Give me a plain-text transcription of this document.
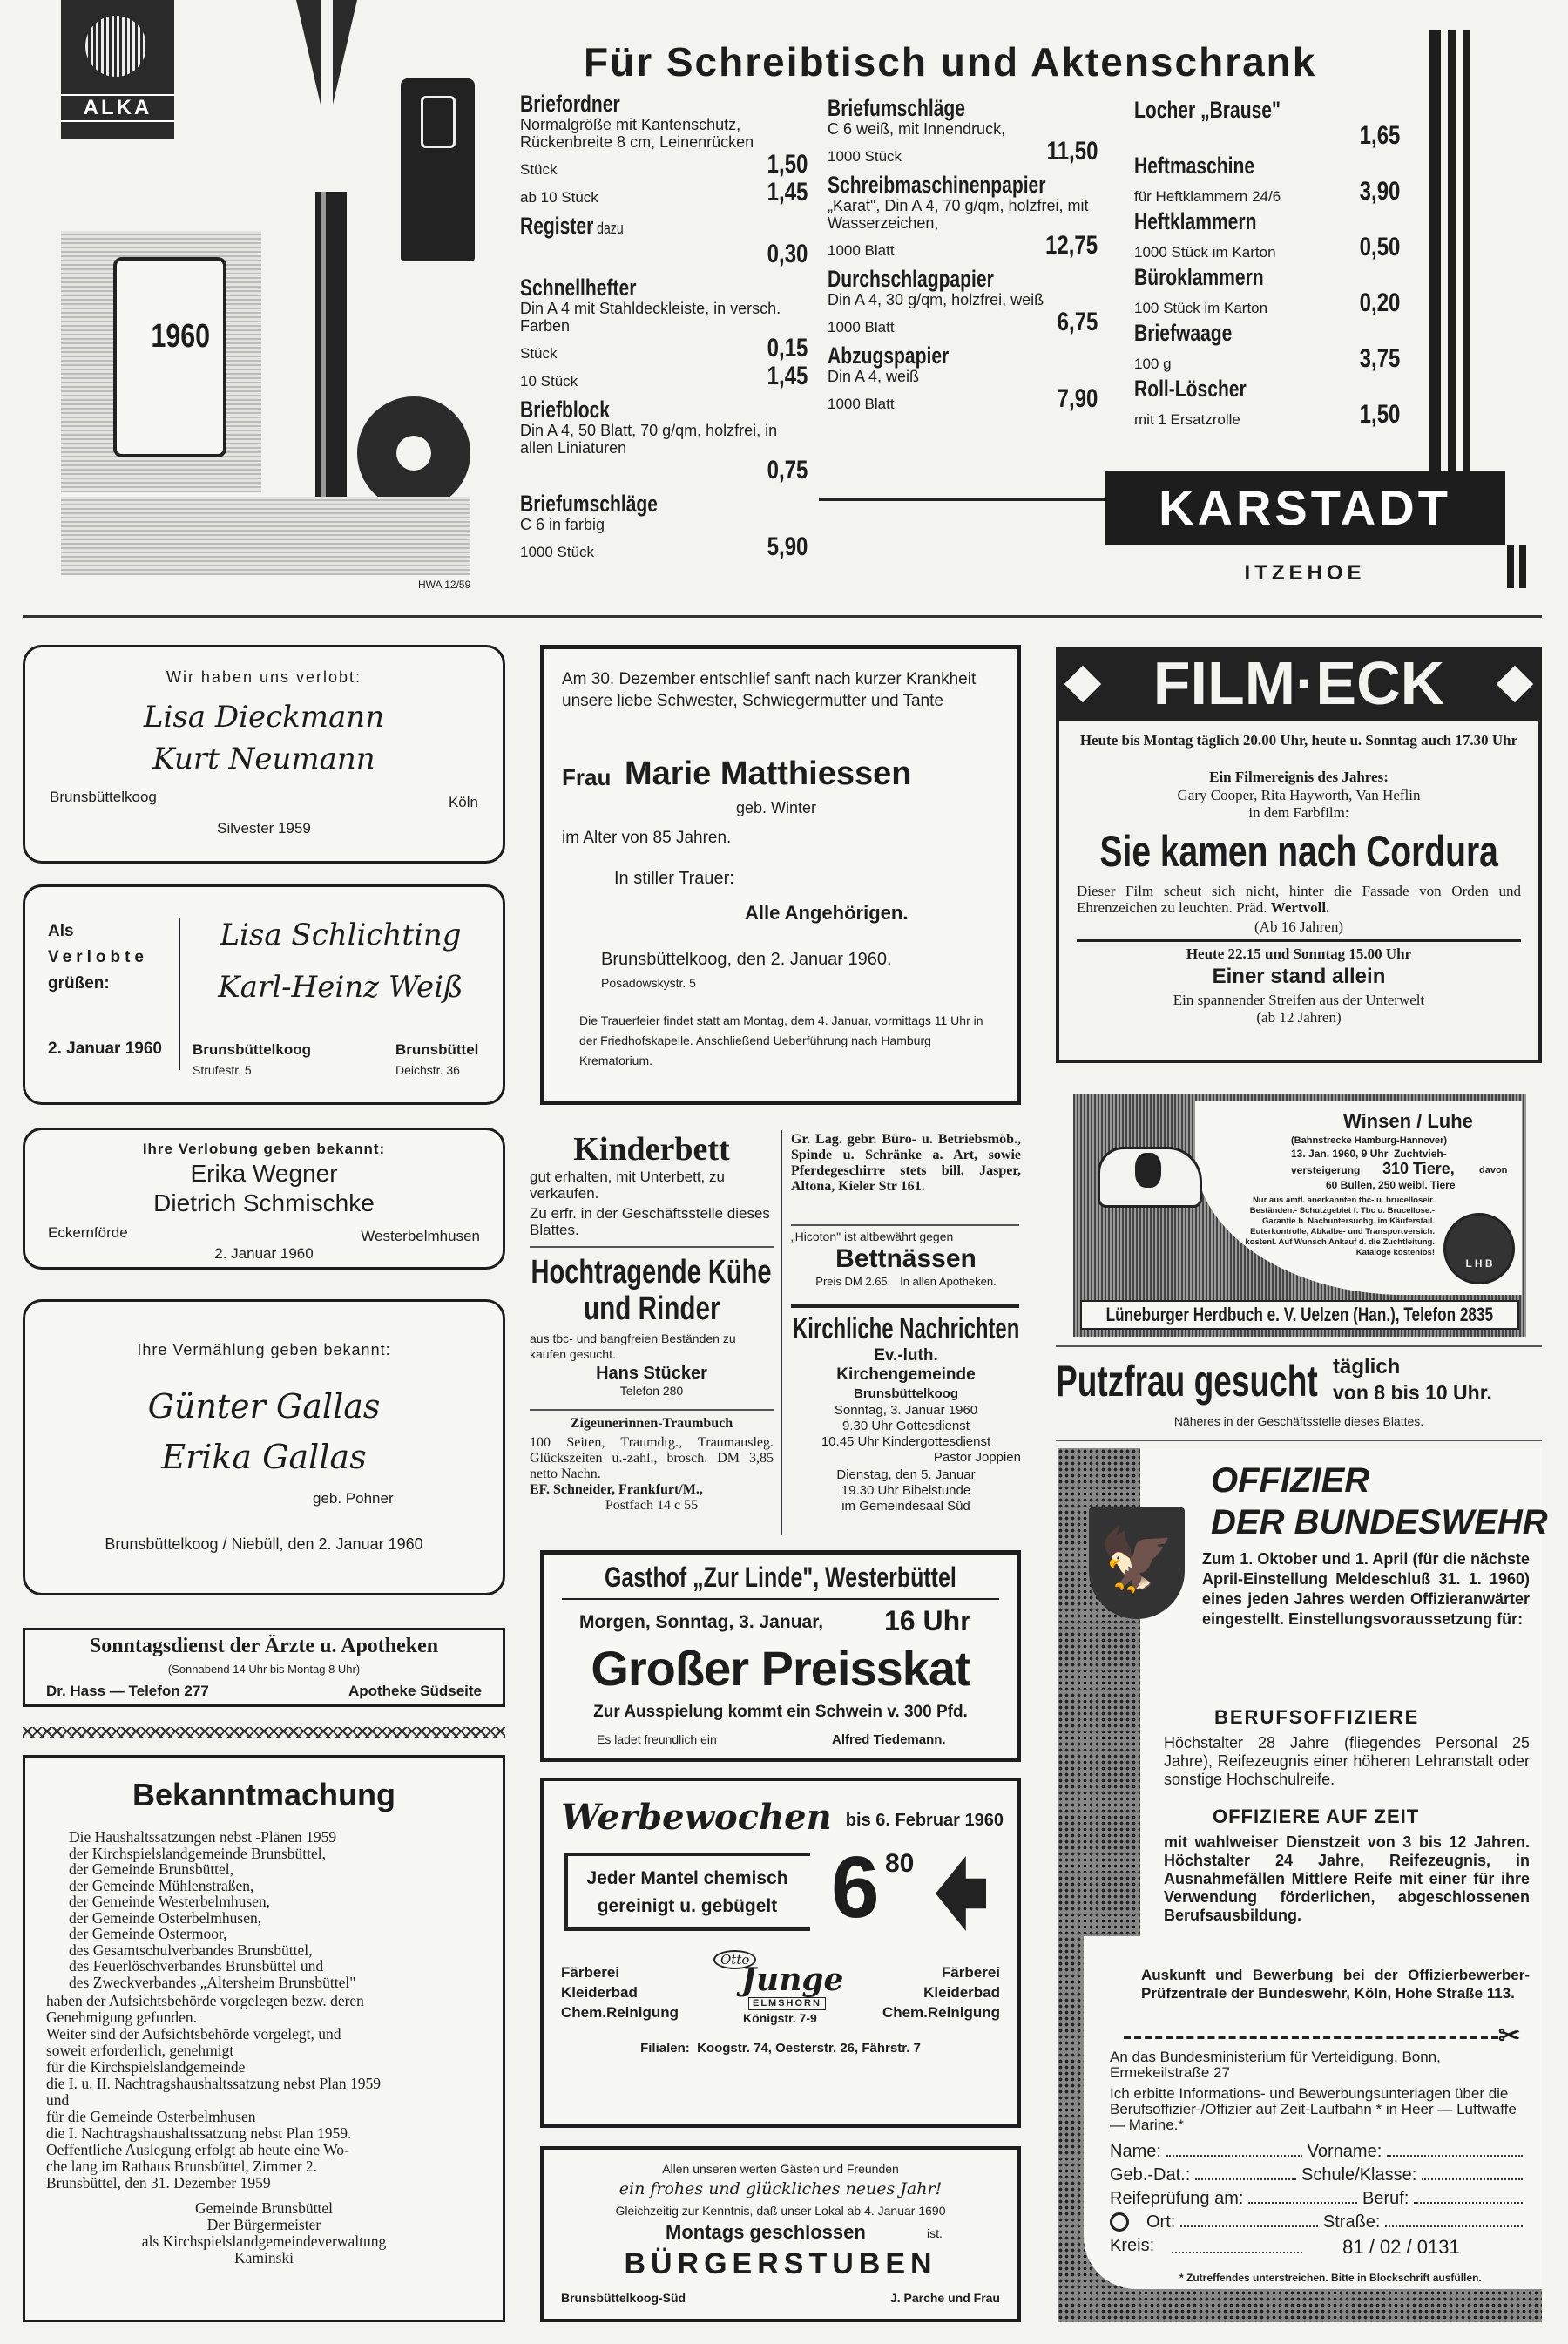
ALKA
1960
HWA 12/59
Für Schreibtisch und Aktenschrank
Briefordner
Normalgröße mit Kantenschutz, Rückenbreite 8 cm, Leinenrücken
Stück	1,50
ab 10 Stück	1,45
Register dazu
0,30
Schnellhefter
Din A 4 mit Stahldeckleiste, in versch. Farben
Stück	0,15
10 Stück	1,45
Briefblock
Din A 4, 50 Blatt, 70 g/qm, holzfrei, in allen Liniaturen
0,75
Briefumschläge
C 6 in farbig
1000 Stück	5,90
Briefumschläge
C 6 weiß, mit Innendruck,
1000 Stück	11,50
Schreibmaschinenpapier
„Karat", Din A 4, 70 g/qm, holzfrei, mit Wasserzeichen,
1000 Blatt	12,75
Durchschlagpapier
Din A 4, 30 g/qm, holzfrei, weiß
1000 Blatt	6,75
Abzugspapier
Din A 4, weiß
1000 Blatt	7,90
Locher „Brause"
1,65
Heftmaschine
für Heftklammern 24/6	3,90
Heftklammern
1000 Stück im Karton	0,50
Büroklammern
100 Stück im Karton	0,20
Briefwaage
100 g	3,75
Roll-Löscher
mit 1 Ersatzrolle	1,50
KARSTADT
ITZEHOE
Wir haben uns verlobt:
Lisa Dieckmann
Kurt Neumann
Brunsbüttelkoog	Köln
Silvester 1959
Als
Verlobte
grüßen:
2. Januar 1960
Lisa Schlichting
Karl-Heinz Weiß
Brunsbüttelkoog
Strufestr. 5
Brunsbüttel
Deichstr. 36
Ihre Verlobung geben bekannt:
Erika Wegner
Dietrich Schmischke
Eckernförde	Westerbelmhusen
2. Januar 1960
Ihre Vermählung geben bekannt:
Günter Gallas
Erika Gallas
geb. Pohner
Brunsbüttelkoog / Niebüll, den 2. Januar 1960
Sonntagsdienst der Ärzte u. Apotheken
(Sonnabend 14 Uhr bis Montag 8 Uhr)
Dr. Hass — Telefon 277	Apotheke Südseite
Bekanntmachung
Die Haushaltssatzungen nebst -Plänen 1959
der Kirchspielslandgemeinde Brunsbüttel,
der Gemeinde Brunsbüttel,
der Gemeinde Mühlenstraßen,
der Gemeinde Westerbelmhusen,
der Gemeinde Osterbelmhusen,
der Gemeinde Ostermoor,
des Gesamtschulverbandes Brunsbüttel,
des Feuerlöschverbandes Brunsbüttel und
des Zweckverbandes „Altersheim Brunsbüttel"
haben der Aufsichtsbehörde vorgelegen bezw. deren
Genehmigung gefunden.
Weiter sind der Aufsichtsbehörde vorgelegt, und
soweit erforderlich, genehmigt
für die Kirchspielslandgemeinde
die I. u. II. Nachtragshaushaltssatzung nebst Plan 1959
und
für die Gemeinde Osterbelmhusen
die I. Nachtragshaushaltssatzung nebst Plan 1959.
Oeffentliche Auslegung erfolgt ab heute eine Wo-
che lang im Rathaus Brunsbüttel, Zimmer 2.
Brunsbüttel, den 31. Dezember 1959
Gemeinde Brunsbüttel
Der Bürgermeister
als Kirchspielslandgemeindeverwaltung
Kaminski
Am 30. Dezember entschlief sanft nach kurzer Krankheit unsere liebe Schwester, Schwiegermutter und Tante
Frau Marie Matthiessen
geb. Winter
im Alter von 85 Jahren.
In stiller Trauer:
Alle Angehörigen.
Brunsbüttelkoog, den 2. Januar 1960.
Posadowskystr. 5
Die Trauerfeier findet statt am Montag, dem 4. Januar, vormittags 11 Uhr in der Friedhofskapelle. Anschließend Ueberführung nach Hamburg Krematorium.
Kinderbett
gut erhalten, mit Unterbett, zu verkaufen.
Zu erfr. in der Geschäftsstelle dieses Blattes.
Hochtragende Kühe
und Rinder
aus tbc- und bangfreien Beständen zu kaufen gesucht.
Hans Stücker
Telefon 280
Zigeunerinnen-Traumbuch
100 Seiten, Traumdtg., Traumausleg. Glückszeiten u.-zahl., brosch. DM 3,85 netto Nachn.
EF. Schneider, Frankfurt/M.,
Postfach 14 c 55
Gr. Lag. gebr. Büro- u. Betriebsmöb., Spinde u. Schränke a. Art, sowie Pferdegeschirre stets bill. Jasper, Altona, Kieler Str 161.
„Hicoton" ist altbewährt gegen
Bettnässen
Preis DM 2.65.   In allen Apotheken.
Kirchliche Nachrichten
Ev.-luth.
Kirchengemeinde
Brunsbüttelkoog
Sonntag, 3. Januar 1960
9.30 Uhr Gottesdienst
10.45 Uhr Kindergottesdienst
Pastor Joppien
Dienstag, den 5. Januar
19.30 Uhr Bibelstunde
im Gemeindesaal Süd
Gasthof „Zur Linde", Westerbüttel
Morgen, Sonntag, 3. Januar, 16 Uhr
Großer Preisskat
Zur Ausspielung kommt ein Schwein v. 300 Pfd.
Es ladet freundlich ein	Alfred Tiedemann.
Werbewochen bis 6. Februar 1960
Jeder Mantel chemisch
gereinigt u. gebügelt 6 80
Färberei
Kleiderbad
Chem.Reinigung
Färberei
Kleiderbad
Chem.Reinigung
Otto
Junge
ELMSHORN
Königstr. 7-9
Filialen:  Koogstr. 74, Oesterstr. 26, Fährstr. 7
Allen unseren werten Gästen und Freunden
ein frohes und glückliches neues Jahr!
Gleichzeitig zur Kenntnis, daß unser Lokal ab 4. Januar 1690
Montags geschlossen	ist.
BÜRGERSTUBEN
Brunsbüttelkoog-Süd	J. Parche und Frau
FILM·ECK
Heute bis Montag täglich 20.00 Uhr, heute u. Sonntag auch 17.30 Uhr
Ein Filmereignis des Jahres:
Gary Cooper, Rita Hayworth, Van Heflin
in dem Farbfilm:
Sie kamen nach Cordura
Dieser Film scheut sich nicht, hinter die Fassade von Orden und Ehrenzeichen zu leuchten. Präd. Wertvoll.
(Ab 16 Jahren)
Heute 22.15 und Sonntag 15.00 Uhr
Einer stand allein
Ein spannender Streifen aus der Unterwelt
(ab 12 Jahren)
Winsen / Luhe
(Bahnstrecke Hamburg-Hannover)
13. Jan. 1960, 9 Uhr  Zuchtvieh-
versteigerung 310 Tiere,	davon
60 Bullen, 250 weibl. Tiere
Nur aus amtl. anerkannten tbc- u. brucelloseir. Beständen.- Schutzgebiet f. Tbc u. Brucellose.- Garantie b. Nachuntersuchg. im Käuferstall. Euterkontrolle, Abkalbe- und Transportversich. kostenl. Auf Wunsch Ankauf d. die Zuchtleitung. Kataloge kostenlos!
L H B
Lüneburger Herdbuch e. V. Uelzen (Han.), Telefon 2835
Putzfrau gesucht täglich
von 8 bis 10 Uhr.
Näheres in der Geschäftsstelle dieses Blattes.
🦅
OFFIZIER
DER BUNDESWEHR
Zum 1. Oktober und 1. April (für die nächste April-Einstellung Meldeschluß 31. 1. 1960) eines jeden Jahres werden Offizieranwärter eingestellt. Einstellungsvoraussetzung für:
BERUFSOFFIZIERE
Höchstalter 28 Jahre (fliegendes Personal 25 Jahre), Reifezeugnis einer höheren Lehranstalt oder sonstige Hochschulreife.
OFFIZIERE AUF ZEIT
mit wahlweiser Dienstzeit von 3 bis 12 Jahren. Höchstalter 24 Jahre, Reifezeugnis, in Ausnahmefällen Mittlere Reife mit einer für ihre Verwendung förderlichen, abgeschlossenen Berufsausbildung.
Auskunft und Bewerbung bei der Offizierbewerber-Prüfzentrale der Bundeswehr, Köln, Hohe Straße 113.
✂
An das Bundesministerium für Verteidigung, Bonn, Ermekeilstraße 27
Ich erbitte Informations- und Bewerbungsunterlagen über die Berufsoffizier-/Offizier auf Zeit-Laufbahn * in Heer — Luftwaffe — Marine.*
Name:	Vorname:
Geb.-Dat.:	Schule/Klasse:
Reifeprüfung am:	Beruf:
Ort:	Straße:
Kreis:	81 / 02 / 0131
* Zutreffendes unterstreichen. Bitte in Blockschrift ausfüllen.
